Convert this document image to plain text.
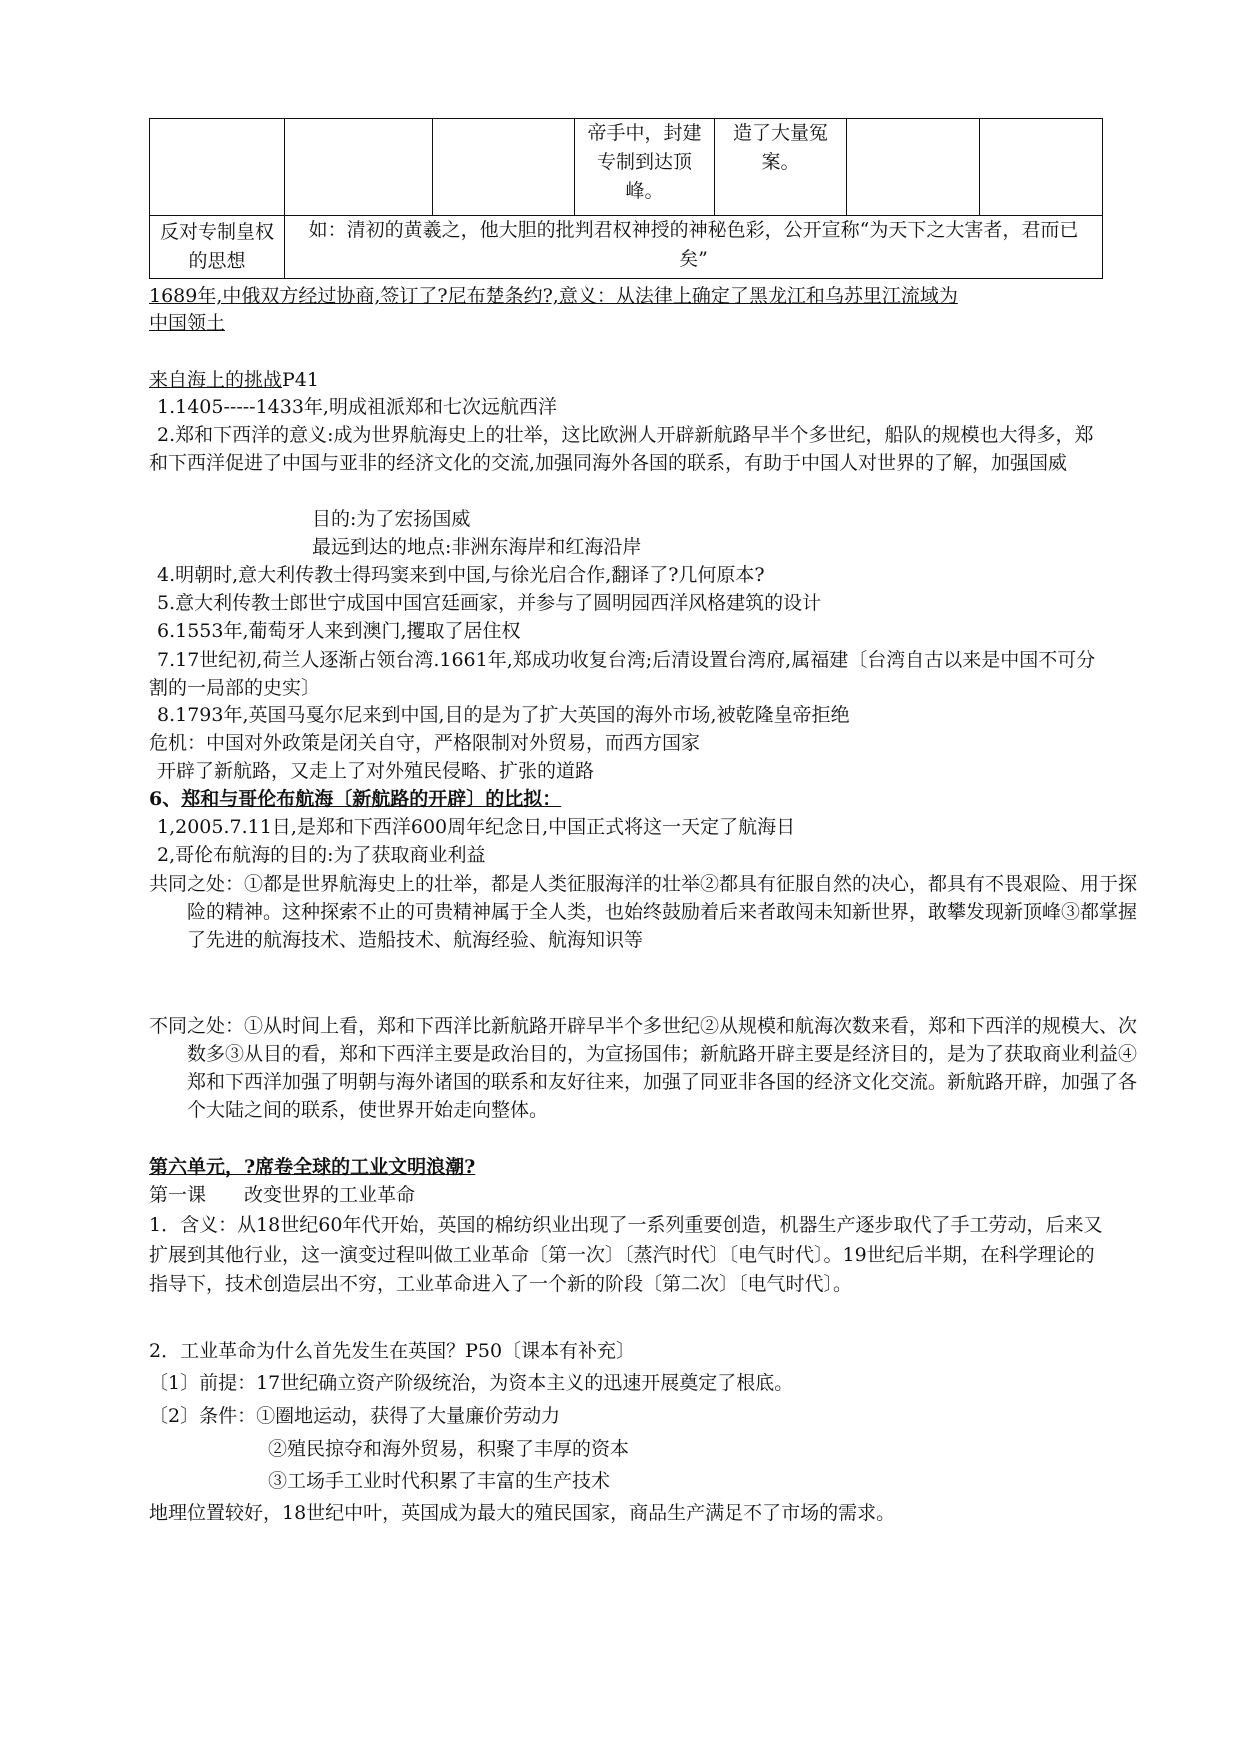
			帝手中，封建专制到达顶峰。	造了大量冤案。		
反对专制皇权的思想	如：清初的黄羲之，他大胆的批判君权神授的神秘色彩，公开宣称“为天下之大害者，君而已矣”					
1689年,中俄双方经过协商,签订了?尼布楚条约?,意义：从法律上确定了黑龙江和乌苏里江流域为
中国领土
来自海上的挑战P41
1.1405-----1433年,明成祖派郑和七次远航西洋
2.郑和下西洋的意义:成为世界航海史上的壮举，这比欧洲人开辟新航路早半个多世纪，船队的规模也大得多，郑和下西洋促进了中国与亚非的经济文化的交流,加强同海外各国的联系，有助于中国人对世界的了解，加强国威
目的:为了宏扬国威
最远到达的地点:非洲东海岸和红海沿岸
4.明朝时,意大利传教士得玛窦来到中国,与徐光启合作,翻译了?几何原本?
5.意大利传教士郎世宁成国中国宫廷画家，并参与了圆明园西洋风格建筑的设计
6.1553年,葡萄牙人来到澳门,攫取了居住权
7.17世纪初,荷兰人逐渐占领台湾.1661年,郑成功收复台湾;后清设置台湾府,属福建〔台湾自古以来是中国不可分割的一局部的史实〕
8.1793年,英国马戛尔尼来到中国,目的是为了扩大英国的海外市场,被乾隆皇帝拒绝
危机：中国对外政策是闭关自守，严格限制对外贸易，而西方国家
开辟了新航路，又走上了对外殖民侵略、扩张的道路
6、郑和与哥伦布航海〔新航路的开辟〕的比拟：
1,2005.7.11日,是郑和下西洋600周年纪念日,中国正式将这一天定了航海日
2,哥伦布航海的目的:为了获取商业利益
共同之处：①都是世界航海史上的壮举，都是人类征服海洋的壮举②都具有征服自然的决心，都具有不畏艰险、用于探险的精神。这种探索不止的可贵精神属于全人类，也始终鼓励着后来者敢闯未知新世界，敢攀发现新顶峰③都掌握了先进的航海技术、造船技术、航海经验、航海知识等
不同之处：①从时间上看，郑和下西洋比新航路开辟早半个多世纪②从规模和航海次数来看，郑和下西洋的规模大、次数多③从目的看，郑和下西洋主要是政治目的，为宣扬国伟；新航路开辟主要是经济目的，是为了获取商业利益④郑和下西洋加强了明朝与海外诸国的联系和友好往来，加强了同亚非各国的经济文化交流。新航路开辟，加强了各个大陆之间的联系，使世界开始走向整体。
第六单元，?席卷全球的工业文明浪潮?
第一课　　改变世界的工业革命
1．含义：从18世纪60年代开始，英国的棉纺织业出现了一系列重要创造，机器生产逐步取代了手工劳动，后来又扩展到其他行业，这一演变过程叫做工业革命〔第一次〕〔蒸汽时代〕〔电气时代〕。19世纪后半期，在科学理论的指导下，技术创造层出不穷，工业革命进入了一个新的阶段〔第二次〕〔电气时代〕。
2．工业革命为什么首先发生在英国？P50〔课本有补充〕
〔1〕前提：17世纪确立资产阶级统治，为资本主义的迅速开展奠定了根底。
〔2〕条件：①圈地运动，获得了大量廉价劳动力
②殖民掠夺和海外贸易，积聚了丰厚的资本
③工场手工业时代积累了丰富的生产技术
地理位置较好，18世纪中叶，英国成为最大的殖民国家，商品生产满足不了市场的需求。
